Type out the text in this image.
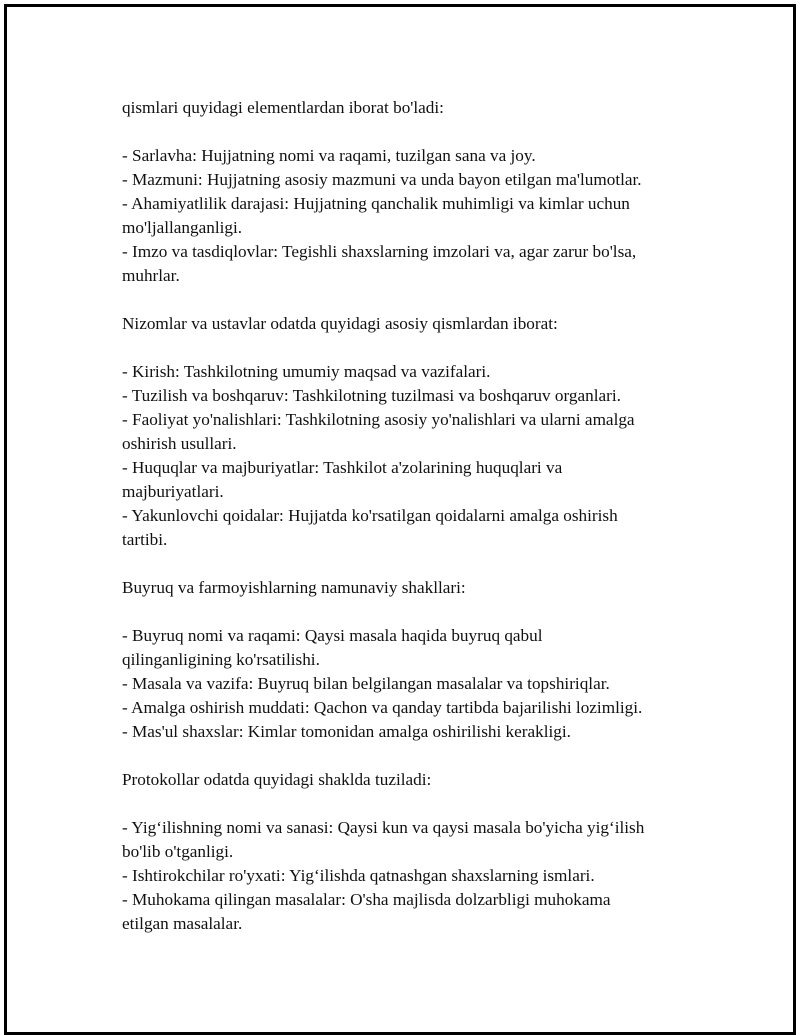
qismlari quyidagi elementlardan iborat bo'ladi:
- Sarlavha: Hujjatning nomi va raqami, tuzilgan sana va joy.
- Mazmuni: Hujjatning asosiy mazmuni va unda bayon etilgan ma'lumotlar.
- Ahamiyatlilik darajasi: Hujjatning qanchalik muhimligi va kimlar uchun
mo'ljallanganligi.
- Imzo va tasdiqlovlar: Tegishli shaxslarning imzolari va, agar zarur bo'lsa,
muhrlar.
Nizomlar va ustavlar odatda quyidagi asosiy qismlardan iborat:
- Kirish: Tashkilotning umumiy maqsad va vazifalari.
- Tuzilish va boshqaruv: Tashkilotning tuzilmasi va boshqaruv organlari.
- Faoliyat yo'nalishlari: Tashkilotning asosiy yo'nalishlari va ularni amalga
oshirish usullari.
- Huquqlar va majburiyatlar: Tashkilot a'zolarining huquqlari va
majburiyatlari.
- Yakunlovchi qoidalar: Hujjatda ko'rsatilgan qoidalarni amalga oshirish
tartibi.
Buyruq va farmoyishlarning namunaviy shakllari:
- Buyruq nomi va raqami: Qaysi masala haqida buyruq qabul
qilinganligining ko'rsatilishi.
- Masala va vazifa: Buyruq bilan belgilangan masalalar va topshiriqlar.
- Amalga oshirish muddati: Qachon va qanday tartibda bajarilishi lozimligi.
- Mas'ul shaxslar: Kimlar tomonidan amalga oshirilishi kerakligi.
Protokollar odatda quyidagi shaklda tuziladi:
- Yig‘ilishning nomi va sanasi: Qaysi kun va qaysi masala bo'yicha yig‘ilish
bo'lib o'tganligi.
- Ishtirokchilar ro'yxati: Yig‘ilishda qatnashgan shaxslarning ismlari.
- Muhokama qilingan masalalar: O'sha majlisda dolzarbligi muhokama
etilgan masalalar.
